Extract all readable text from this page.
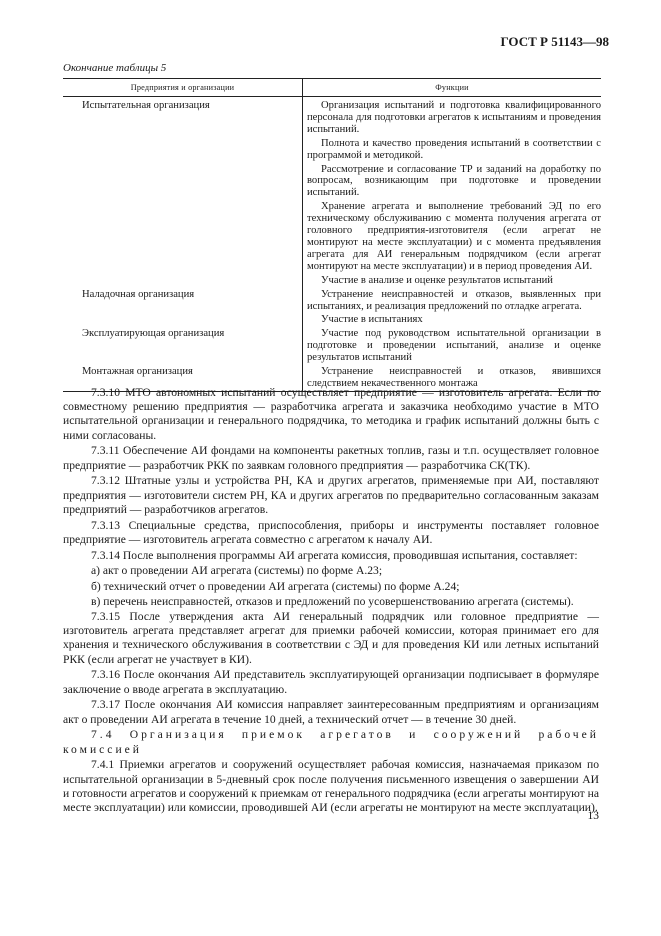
ГОСТ Р 51143—98
Окончание таблицы 5
Предприятия и организации	Функции
Испытательная организация	Организация испытаний и подготовка квалифицированного персонала для подготовки агрегатов к испытаниям и проведения испытаний.

Полнота и качество проведения испытаний в соответствии с программой и методикой.

Рассмотрение и согласование ТР и заданий на доработку по вопросам, возникающим при подготовке и проведении испытаний.

Хранение агрегата и выполнение требований ЭД по его техническому обслуживанию с момента получения агрегата от головного предприятия-изготовителя (если агрегат не монтируют на месте эксплуатации) и с момента предъявления агрегата для АИ генеральным подрядчиком (если агрегат монтируют на месте эксплуатации) и в период проведения АИ.

Участие в анализе и оценке результатов испытаний

Наладочная организация	Устранение неисправностей и отказов, выявленных при испытаниях, и реализация предложений по отладке агрегата.

Участие в испытаниях

Эксплуатирующая организация	Участие под руководством испытательной организации в подготовке и проведении испытаний, анализе и оценке результатов испытаний

Монтажная организация	Устранение неисправностей и отказов, явившихся следствием некачественного монтажа

7.3.10 МТО автономных испытаний осуществляет предприятие — изготовитель агрегата. Если по совместному решению предприятия — разработчика агрегата и заказчика необходимо участие в МТО испытательной организации и генерального подрядчика, то методика и график испытаний должны быть с ними согласованы.

7.3.11 Обеспечение АИ фондами на компоненты ракетных топлив, газы и т.п. осуществляет головное предприятие — разработчик РКК по заявкам головного предприятия — разработчика СК(ТК).

7.3.12 Штатные узлы и устройства РН, КА и других агрегатов, применяемые при АИ, поставляют предприятия — изготовители систем РН, КА и других агрегатов по предварительно согласованным заказам предприятий — разработчиков агрегатов.

7.3.13 Специальные средства, приспособления, приборы и инструменты поставляет головное предприятие — изготовитель агрегата совместно с агрегатом к началу АИ.

7.3.14 После выполнения программы АИ агрегата комиссия, проводившая испытания, составляет:

а) акт о проведении АИ агрегата (системы) по форме А.23;

б) технический отчет о проведении АИ агрегата (системы) по форме А.24;

в) перечень неисправностей, отказов и предложений по усовершенствованию агрегата (системы).

7.3.15 После утверждения акта АИ генеральный подрядчик или головное предприятие — изготовитель агрегата представляет агрегат для приемки рабочей комиссии, которая принимает его для хранения и технического обслуживания в соответствии с ЭД и для проведения КИ или летных испытаний РКК (если агрегат не участвует в КИ).

7.3.16 После окончания АИ представитель эксплуатирующей организации подписывает в формуляре заключение о вводе агрегата в эксплуатацию.

7.3.17 После окончания АИ комиссия направляет заинтересованным предприятиям и организациям акт о проведении АИ агрегата в течение 10 дней, а технический отчет — в течение 30 дней.

7.4 Организация приемок агрегатов и сооружений рабочей комиссией

7.4.1 Приемки агрегатов и сооружений осуществляет рабочая комиссия, назначаемая приказом по испытательной организации в 5-дневный срок после получения письменного извещения о завершении АИ и готовности агрегатов и сооружений к приемкам от генерального подрядчика (если агрегаты монтируют на месте эксплуатации) или комиссии, проводившей АИ (если агрегаты не монтируют на месте эксплуатации).

13
